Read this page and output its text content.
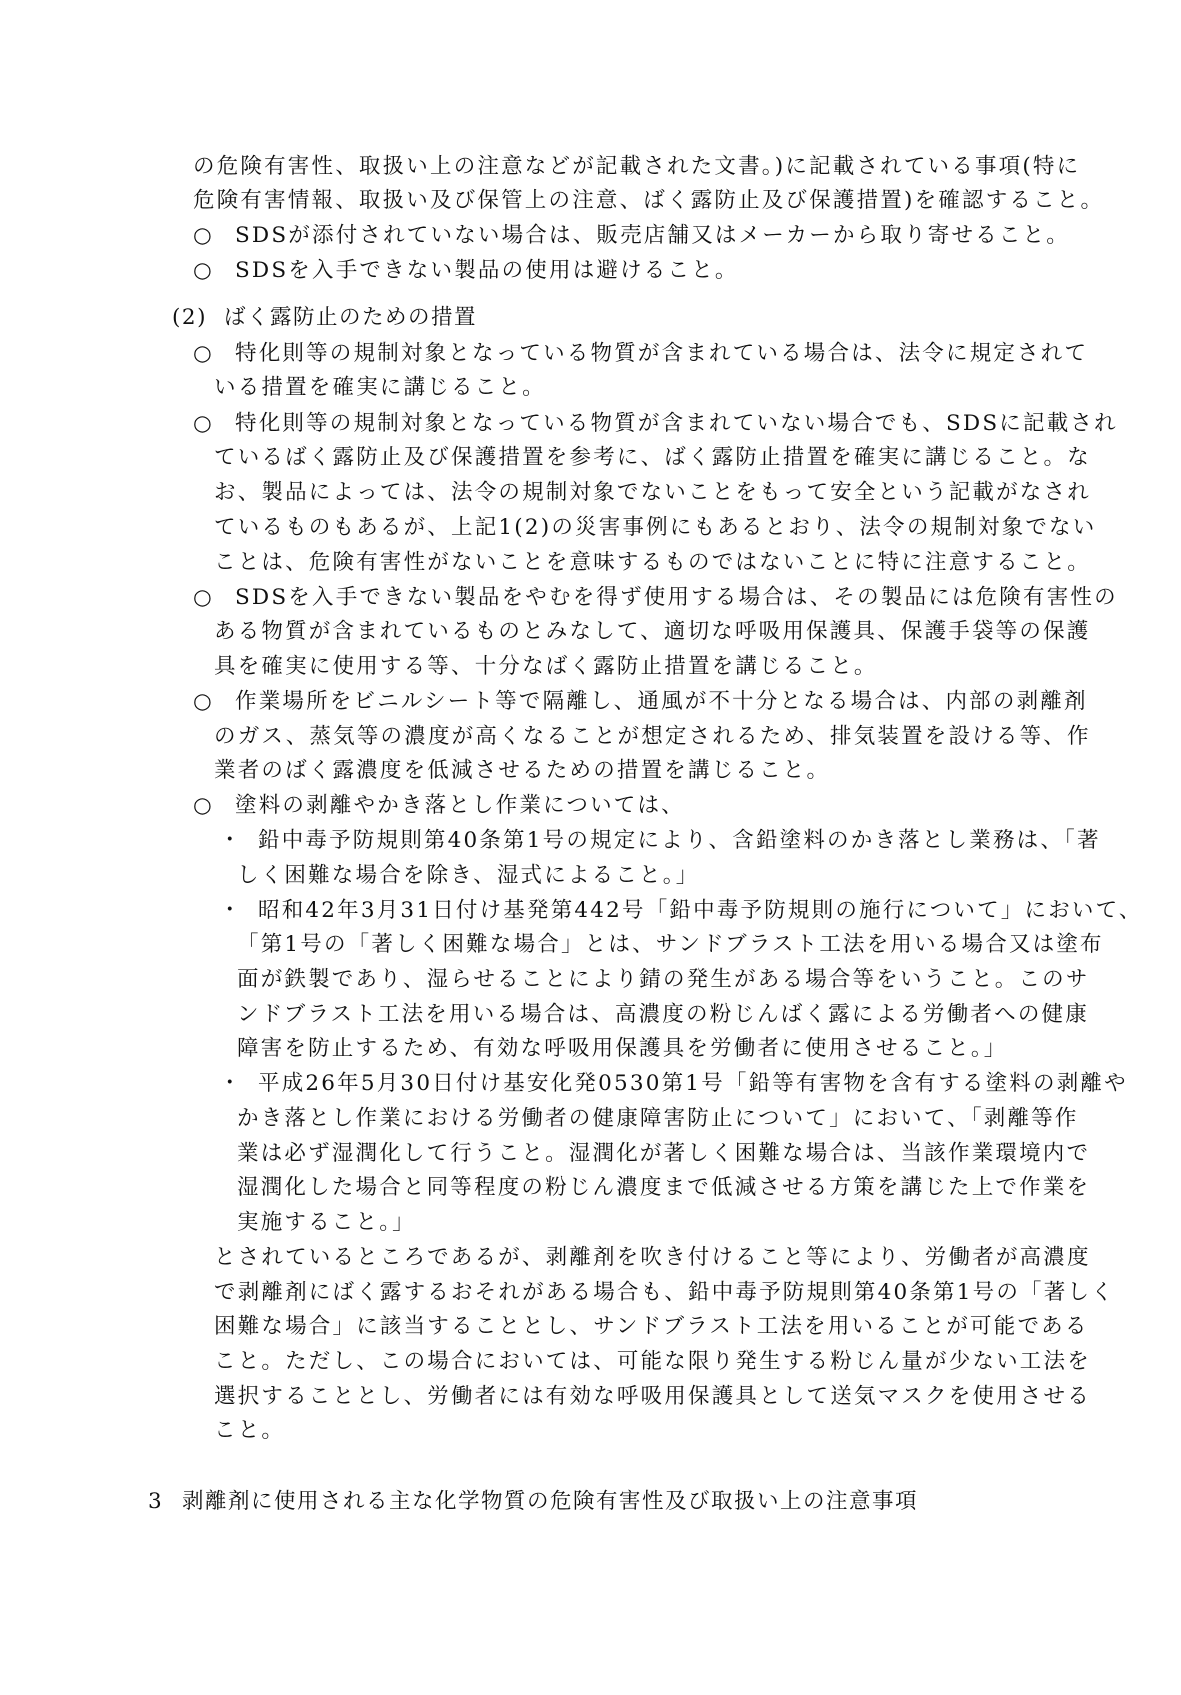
の危険有害性、取扱い上の注意などが記載された文書。)に記載されている事項(特に
危険有害情報、取扱い及び保管上の注意、ばく露防止及び保護措置)を確認すること。
○ SDSが添付されていない場合は、販売店舗又はメーカーから取り寄せること。
○ SDSを入手できない製品の使用は避けること。
(2) ばく露防止のための措置
○ 特化則等の規制対象となっている物質が含まれている場合は、法令に規定されて
いる措置を確実に講じること。
○ 特化則等の規制対象となっている物質が含まれていない場合でも、SDSに記載され
ているばく露防止及び保護措置を参考に、ばく露防止措置を確実に講じること。な
お、製品によっては、法令の規制対象でないことをもって安全という記載がなされ
ているものもあるが、上記1(2)の災害事例にもあるとおり、法令の規制対象でない
ことは、危険有害性がないことを意味するものではないことに特に注意すること。
○ SDSを入手できない製品をやむを得ず使用する場合は、その製品には危険有害性の
ある物質が含まれているものとみなして、適切な呼吸用保護具、保護手袋等の保護
具を確実に使用する等、十分なばく露防止措置を講じること。
○ 作業場所をビニルシート等で隔離し、通風が不十分となる場合は、内部の剥離剤
のガス、蒸気等の濃度が高くなることが想定されるため、排気装置を設ける等、作
業者のばく露濃度を低減させるための措置を講じること。
○ 塗料の剥離やかき落とし作業については、
・ 鉛中毒予防規則第40条第1号の規定により、含鉛塗料のかき落とし業務は、「著
しく困難な場合を除き、湿式によること。」
・ 昭和42年3月31日付け基発第442号「鉛中毒予防規則の施行について」において、
「第1号の「著しく困難な場合」とは、サンドブラスト工法を用いる場合又は塗布
面が鉄製であり、湿らせることにより錆の発生がある場合等をいうこと。このサ
ンドブラスト工法を用いる場合は、高濃度の粉じんばく露による労働者への健康
障害を防止するため、有効な呼吸用保護具を労働者に使用させること。」
・ 平成26年5月30日付け基安化発0530第1号「鉛等有害物を含有する塗料の剥離や
かき落とし作業における労働者の健康障害防止について」において、「剥離等作
業は必ず湿潤化して行うこと。湿潤化が著しく困難な場合は、当該作業環境内で
湿潤化した場合と同等程度の粉じん濃度まで低減させる方策を講じた上で作業を
実施すること。」
とされているところであるが、剥離剤を吹き付けること等により、労働者が高濃度
で剥離剤にばく露するおそれがある場合も、鉛中毒予防規則第40条第1号の「著しく
困難な場合」に該当することとし、サンドブラスト工法を用いることが可能である
こと。ただし、この場合においては、可能な限り発生する粉じん量が少ない工法を
選択することとし、労働者には有効な呼吸用保護具として送気マスクを使用させる
こと。
3 剥離剤に使用される主な化学物質の危険有害性及び取扱い上の注意事項
